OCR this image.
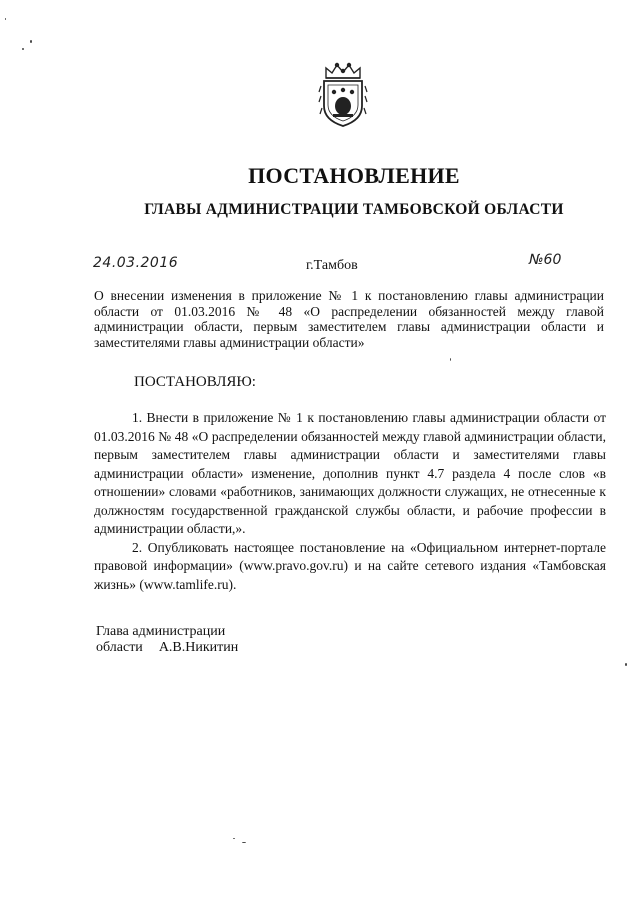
ПОСТАНОВЛЕНИЕ
ГЛАВЫ АДМИНИСТРАЦИИ ТАМБОВСКОЙ ОБЛАСТИ
24.03.2016	г.Тамбов	№60

О внесении изменения в приложение № 1 к постановлению главы администрации области от 01.03.2016 № 48 «О распределении обязанностей между главой администрации области, первым заместителем главы администрации области и заместителями главы администрации области»

ПОСТАНОВЛЯЮ:

1. Внести в приложение № 1 к постановлению главы администрации области от 01.03.2016 № 48 «О распределении обязанностей между главой администрации области, первым заместителем главы администрации области и заместителями главы администрации области» изменение, дополнив пункт 4.7 раздела 4 после слов «в отношении» словами «работников, занимающих должности служащих, не отнесенные к должностям государственной гражданской службы области, и рабочие профессии в администрации области,».

2. Опубликовать настоящее постановление на «Официальном интернет-портале правовой информации» (www.pravo.gov.ru) и на сайте сетевого издания «Тамбовская жизнь» (www.tamlife.ru).

Глава администрации
области А.В.Никитин
